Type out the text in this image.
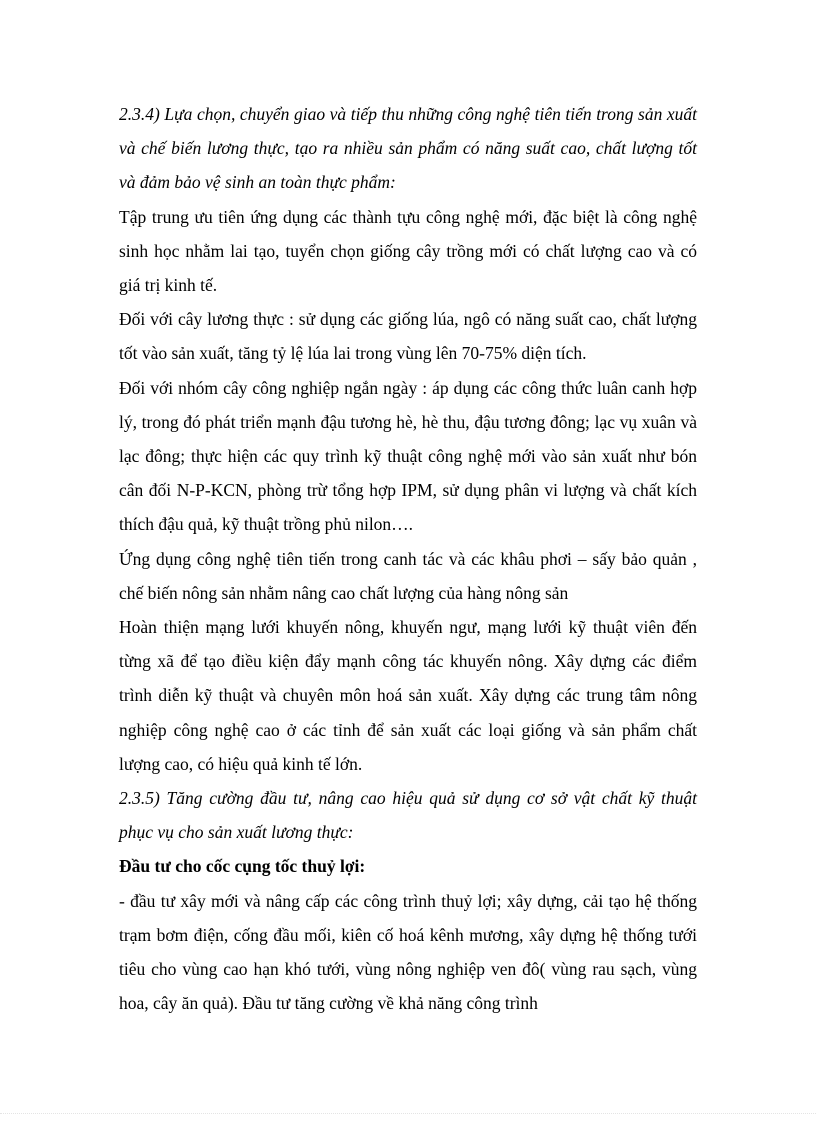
2.3.4) Lựa chọn, chuyển giao và tiếp thu những công nghệ tiên tiến trong sản xuất và chế biến lương thực, tạo ra nhiều sản phẩm có năng suất cao, chất lượng tốt và đảm bảo vệ sinh an toàn thực phẩm:

Tập trung ưu tiên ứng dụng các thành tựu công nghệ mới, đặc biệt là công nghệ sinh học nhằm lai tạo, tuyển chọn giống cây trồng mới có chất lượng cao và có giá trị kinh tế.

Đối với cây lương thực : sử dụng các giống lúa, ngô có năng suất cao, chất lượng tốt vào sản xuất, tăng tỷ lệ lúa lai trong vùng lên 70-75% diện tích.

Đối với nhóm cây công nghiệp ngắn ngày : áp dụng các công thức luân canh hợp lý, trong đó phát triển mạnh đậu tương hè, hè thu, đậu tương đông; lạc vụ xuân và lạc đông; thực hiện các quy trình kỹ thuật công nghệ mới vào sản xuất như bón cân đối N-P-KCN, phòng trừ tổng hợp IPM, sử dụng phân vi lượng và chất kích thích đậu quả, kỹ thuật trồng phủ nilon….

Ứng dụng công nghệ tiên tiến trong canh tác và các khâu phơi – sấy bảo quản , chế biến nông sản nhằm nâng cao chất lượng của hàng nông sản

Hoàn thiện mạng lưới khuyến nông, khuyến ngư, mạng lưới kỹ thuật viên đến từng xã để tạo điều kiện đẩy mạnh công tác khuyến nông. Xây dựng các điểm trình diễn kỹ thuật và chuyên môn hoá sản xuất. Xây dựng các trung tâm nông nghiệp công nghệ cao ở các tỉnh để sản xuất các loại giống và sản phẩm chất lượng cao, có hiệu quả kinh tế lớn.

2.3.5) Tăng cường đầu tư, nâng cao hiệu quả sử dụng cơ sở vật chất kỹ thuật phục vụ cho sản xuất lương thực:

Đầu tư cho cốc cụng tốc thuỷ lợi:

- đầu tư xây mới và nâng cấp các công trình thuỷ lợi; xây dựng, cải tạo hệ thống trạm bơm điện, cống đầu mối, kiên cố hoá kênh mương, xây dựng hệ thống tưới tiêu cho vùng cao hạn khó tưới, vùng nông nghiệp ven đô( vùng rau sạch, vùng hoa, cây ăn quả). Đầu tư tăng cường về khả năng công trình
